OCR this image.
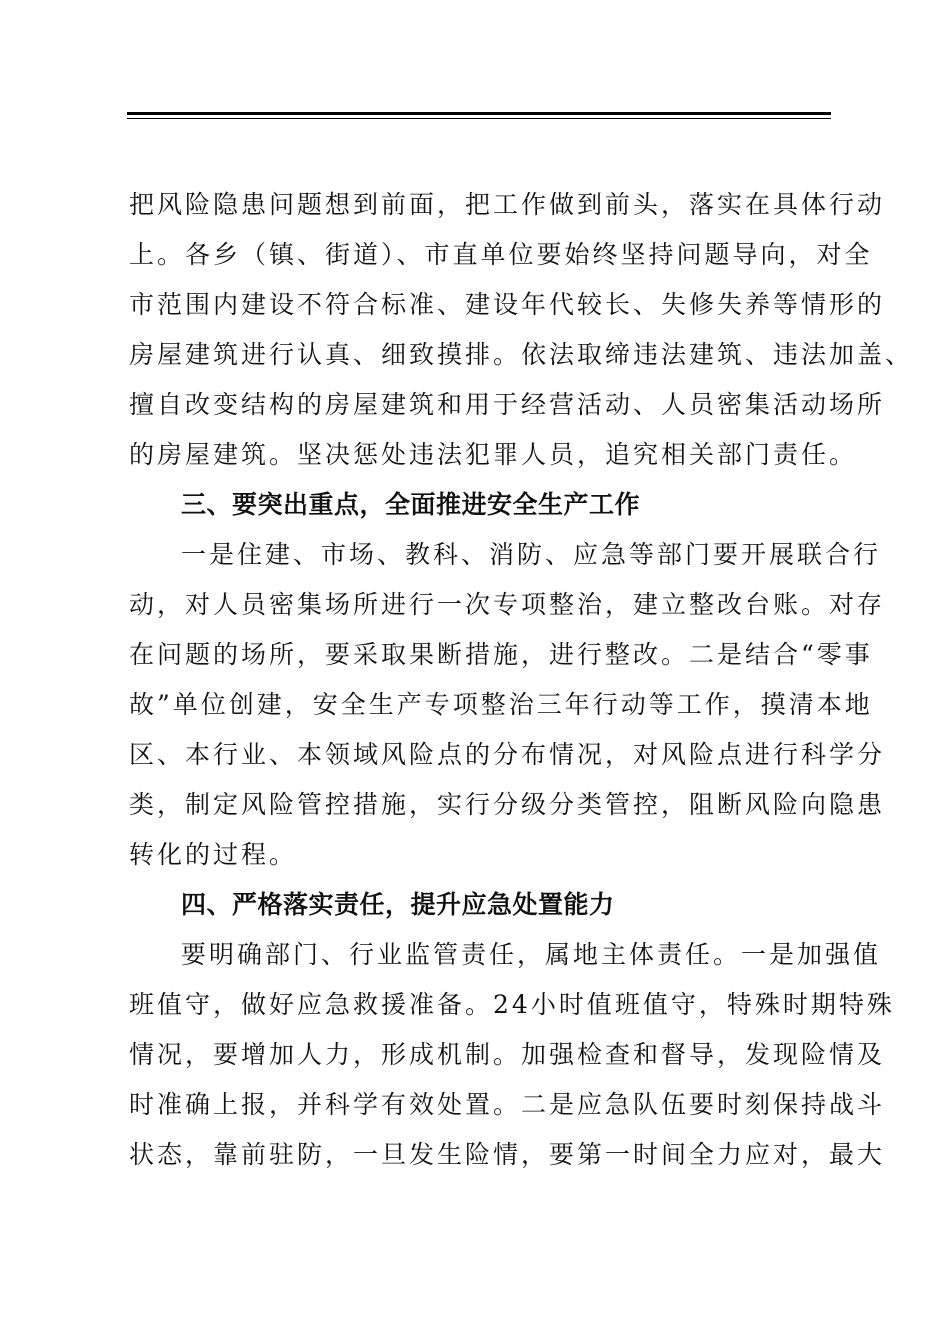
把风险隐患问题想到前面，把工作做到前头，落实在具体行动
上。各乡（镇、街道）、市直单位要始终坚持问题导向，对全
市范围内建设不符合标准、建设年代较长、失修失养等情形的
房屋建筑进行认真、细致摸排。依法取缔违法建筑、违法加盖、
擅自改变结构的房屋建筑和用于经营活动、人员密集活动场所
的房屋建筑。坚决惩处违法犯罪人员，追究相关部门责任。
三、要突出重点，全面推进安全生产工作
一是住建、市场、教科、消防、应急等部门要开展联合行
动，对人员密集场所进行一次专项整治，建立整改台账。对存
在问题的场所，要采取果断措施，进行整改。二是结合“零事
故”单位创建，安全生产专项整治三年行动等工作，摸清本地
区、本行业、本领域风险点的分布情况，对风险点进行科学分
类，制定风险管控措施，实行分级分类管控，阻断风险向隐患
转化的过程。
四、严格落实责任，提升应急处置能力
要明确部门、行业监管责任，属地主体责任。一是加强值
班值守，做好应急救援准备。24小时值班值守，特殊时期特殊
情况，要增加人力，形成机制。加强检查和督导，发现险情及
时准确上报，并科学有效处置。二是应急队伍要时刻保持战斗
状态，靠前驻防，一旦发生险情，要第一时间全力应对，最大
